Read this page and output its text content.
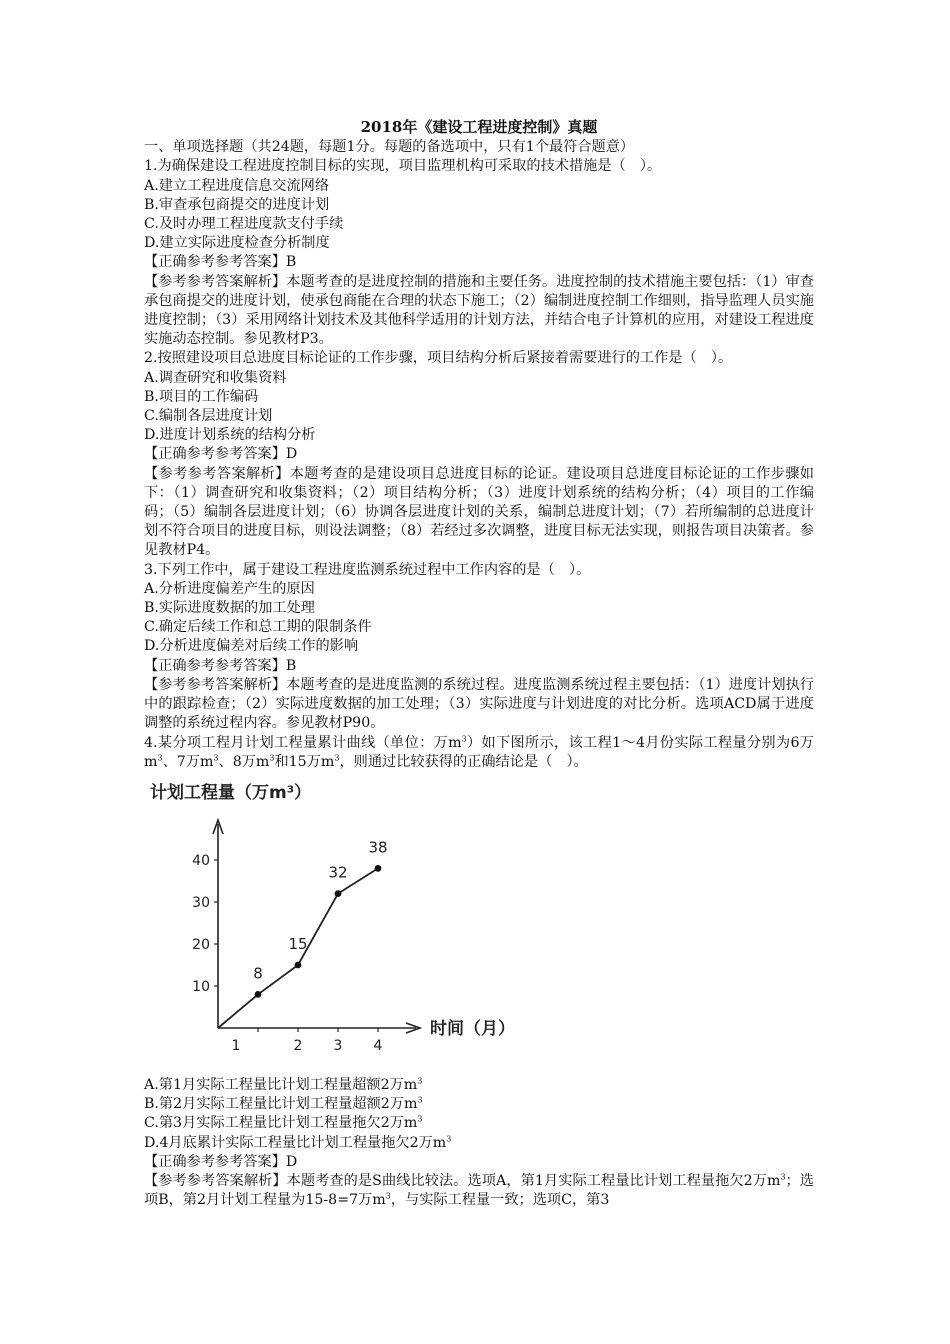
2018年《建设工程进度控制》真题
一、单项选择题（共24题，每题1分。每题的备选项中，只有1个最符合题意）
1.为确保建设工程进度控制目标的实现，项目监理机构可采取的技术措施是（　）。
A.建立工程进度信息交流网络
B.审查承包商提交的进度计划
C.及时办理工程进度款支付手续
D.建立实际进度检查分析制度
【正确参考参考答案】B
【参考参考答案解析】本题考查的是进度控制的措施和主要任务。进度控制的技术措施主要包括：（1）审查承包商提交的进度计划，使承包商能在合理的状态下施工；（2）编制进度控制工作细则，指导监理人员实施进度控制；（3）采用网络计划技术及其他科学适用的计划方法，并结合电子计算机的应用，对建设工程进度实施动态控制。参见教材P3。
2.按照建设项目总进度目标论证的工作步骤，项目结构分析后紧接着需要进行的工作是（　）。
A.调查研究和收集资料
B.项目的工作编码
C.编制各层进度计划
D.进度计划系统的结构分析
【正确参考参考答案】D
【参考参考答案解析】本题考查的是建设项目总进度目标的论证。建设项目总进度目标论证的工作步骤如下：（1）调查研究和收集资料；（2）项目结构分析；（3）进度计划系统的结构分析；（4）项目的工作编码；（5）编制各层进度计划；（6）协调各层进度计划的关系，编制总进度计划；（7）若所编制的总进度计划不符合项目的进度目标，则设法调整；（8）若经过多次调整，进度目标无法实现，则报告项目决策者。参见教材P4。
3.下列工作中，属于建设工程进度监测系统过程中工作内容的是（　）。
A.分析进度偏差产生的原因
B.实际进度数据的加工处理
C.确定后续工作和总工期的限制条件
D.分析进度偏差对后续工作的影响
【正确参考参考答案】B
【参考参考答案解析】本题考查的是进度监测的系统过程。进度监测系统过程主要包括：（1）进度计划执行中的跟踪检查；（2）实际进度数据的加工处理；（3）实际进度与计划进度的对比分析。选项ACD属于进度调整的系统过程内容。参见教材P90。
4.某分项工程月计划工程量累计曲线（单位：万$m^3$）如下图所示，该工程1～4月份实际工程量分别为6万$m^3$、7万$m^3$、8万$m^3$和15万$m^3$，则通过比较获得的正确结论是（　）。
计划工程量（万m³）
时间（月）
10
20
30
40
1	2 3 4
8
15
32
38
A.第1月实际工程量比计划工程量超额2万$m^3$
B.第2月实际工程量比计划工程量超额2万$m^3$
C.第3月实际工程量比计划工程量拖欠2万$m^3$
D.4月底累计实际工程量比计划工程量拖欠2万$m^3$
【正确参考参考答案】D
【参考参考答案解析】本题考查的是S曲线比较法。选项A，第1月实际工程量比计划工程量拖欠2万$m^3$；选项B，第2月计划工程量为15-8=7万$m^3$，与实际工程量一致；选项C，第3
